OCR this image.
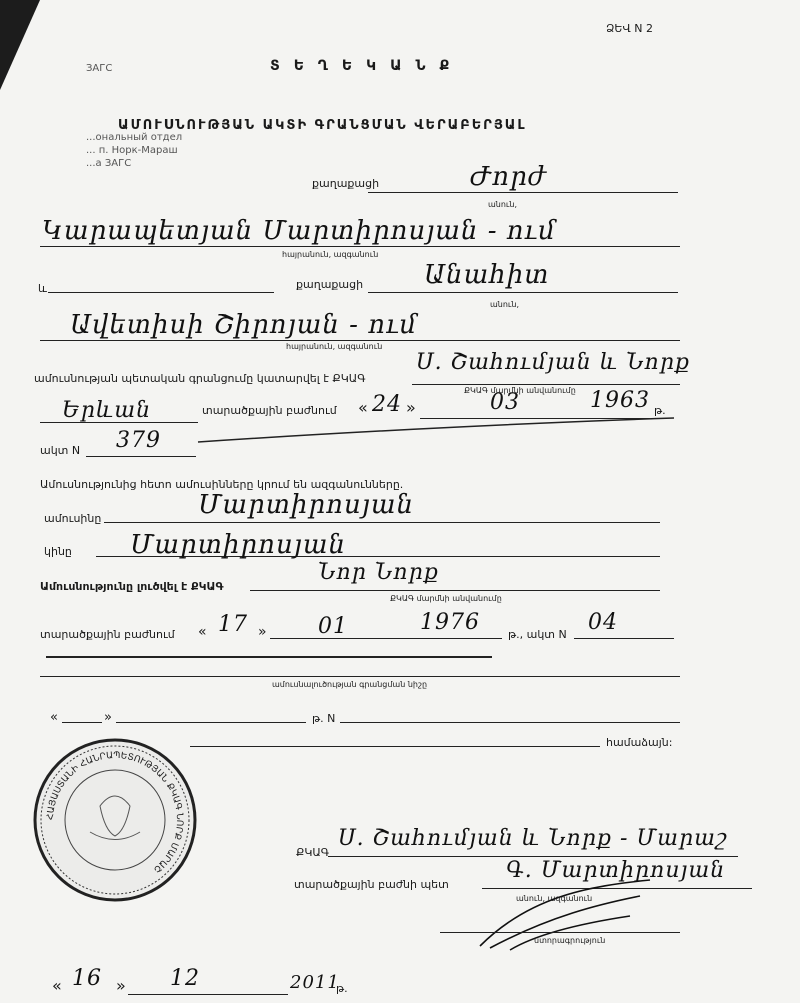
ՁԵՎ N 2
ЗАГС
...ональный отдел
... п. Норк-Мараш
...а ЗАГС
ՏԵՂԵԿԱՆՔ
ԱՄՈՒՍՆՈՒԹՅԱՆ ԱԿՏԻ ԳՐԱՆՑՄԱՆ ՎԵՐԱԲԵՐՅԱԼ
քաղաքացի	Ժորժ
անուն,
Կարապետյան Մարտիրոսյան - ում
հայրանուն, ազգանուն
և	քաղաքացի Անահիտ
անուն,
Ավետիսի Շիրոյան - ում
հայրանուն, ազգանուն
ամուսնության պետական գրանցումը կատարվել է ՔԿԱԳ
Ս. Շահումյան և Նորք
ՔԿԱԳ մարմնի անվանումը
Երևան	տարածքային բաժնում « 24 »	03	1963 թ.
ակտ N 379
Ամուսնությունից հետո ամուսինները կրում են ազգանունները.
ամուսինը	Մարտիրոսյան
կինը Մարտիրոսյան
Ամուսնությունը լուծվել է ՔԿԱԳ
Նոր Նորք
ՔԿԱԳ մարմնի անվանումը
տարածքային բաժնում « 17 » 01	1976	թ., ակտ N 04
ամուսնալուծության գրանցման նիշը
«	»	թ. N
համաձայն:
ՀԱՅԱՍՏԱՆԻ ՀԱՆՐԱՊԵՏՈՒԹՅԱՆ ՔԿԱԳ ՆՈՐՔ ՄԱՐԱՇ
ՔԿԱԳ
Ս. Շահումյան և Նորք - Մարաշ
տարածքային բաժնի պետ
Գ. Մարտիրոսյան
անուն, ազգանուն
ստորագրություն
« 16 » 12	2011
թ.
